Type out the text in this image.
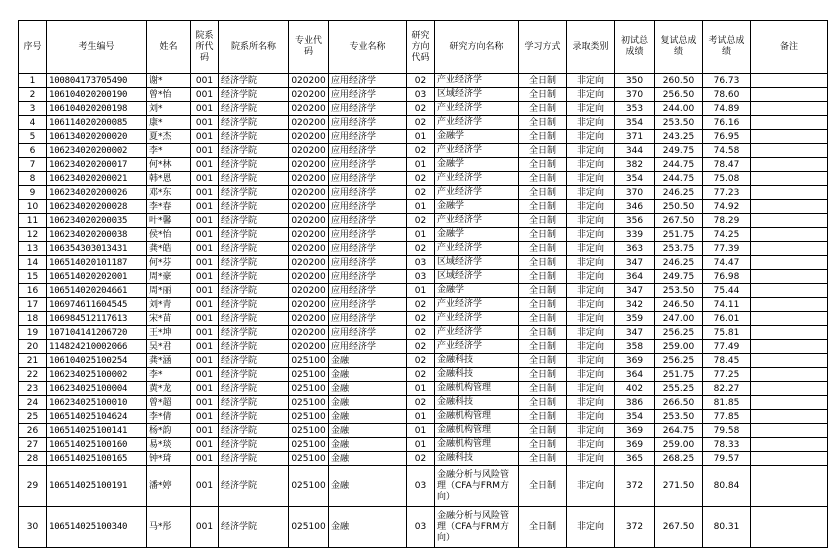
序号	考生编号	姓名	院系所代码	院系所名称	专业代码	专业名称	研究方向代码	研究方向名称	学习方式	录取类别	初试总成绩	复试总成绩	考试总成绩	备注
1	100804173705490	谢*	001	经济学院	020200	应用经济学	02	产业经济学	全日制	非定向	350	260.50	76.73	
2	106104020200190	曾*怡	001	经济学院	020200	应用经济学	03	区域经济学	全日制	非定向	370	256.50	78.60	
3	106104020200198	刘*	001	经济学院	020200	应用经济学	02	产业经济学	全日制	非定向	353	244.00	74.89	
4	106114020200085	康*	001	经济学院	020200	应用经济学	02	产业经济学	全日制	非定向	354	253.50	76.16	
5	106134020200020	夏*杰	001	经济学院	020200	应用经济学	01	金融学	全日制	非定向	371	243.25	76.95	
6	106234020200002	李*	001	经济学院	020200	应用经济学	02	产业经济学	全日制	非定向	344	249.75	74.58	
7	106234020200017	何*林	001	经济学院	020200	应用经济学	01	金融学	全日制	非定向	382	244.75	78.47	
8	106234020200021	韩*恩	001	经济学院	020200	应用经济学	02	产业经济学	全日制	非定向	354	244.75	75.08	
9	106234020200026	邓*东	001	经济学院	020200	应用经济学	02	产业经济学	全日制	非定向	370	246.25	77.23	
10	106234020200028	李*春	001	经济学院	020200	应用经济学	01	金融学	全日制	非定向	346	250.50	74.92	
11	106234020200035	叶*馨	001	经济学院	020200	应用经济学	02	产业经济学	全日制	非定向	356	267.50	78.29	
12	106234020200038	侯*怡	001	经济学院	020200	应用经济学	01	金融学	全日制	非定向	339	251.75	74.25	
13	106354303013431	龚*皓	001	经济学院	020200	应用经济学	02	产业经济学	全日制	非定向	363	253.75	77.39	
14	106514020101187	何*芬	001	经济学院	020200	应用经济学	03	区域经济学	全日制	非定向	347	246.25	74.47	
15	106514020202001	周*豪	001	经济学院	020200	应用经济学	03	区域经济学	全日制	非定向	364	249.75	76.98	
16	106514020204661	周*丽	001	经济学院	020200	应用经济学	01	金融学	全日制	非定向	347	253.50	75.44	
17	106974611604545	刘*青	001	经济学院	020200	应用经济学	02	产业经济学	全日制	非定向	342	246.50	74.11	
18	106984512117613	宋*苗	001	经济学院	020200	应用经济学	02	产业经济学	全日制	非定向	359	247.00	76.01	
19	107104141206720	王*坤	001	经济学院	020200	应用经济学	02	产业经济学	全日制	非定向	347	256.25	75.81	
20	114824210002066	吴*君	001	经济学院	020200	应用经济学	02	产业经济学	全日制	非定向	358	259.00	77.49	
21	106104025100254	龚*涵	001	经济学院	025100	金融	02	金融科技	全日制	非定向	369	256.25	78.45	
22	106234025100002	李*	001	经济学院	025100	金融	02	金融科技	全日制	非定向	364	251.75	77.25	
23	106234025100004	黄*龙	001	经济学院	025100	金融	01	金融机构管理	全日制	非定向	402	255.25	82.27	
24	106234025100010	曾*超	001	经济学院	025100	金融	02	金融科技	全日制	非定向	386	266.50	81.85	
25	106514025104624	李*倩	001	经济学院	025100	金融	01	金融机构管理	全日制	非定向	354	253.50	77.85	
26	106514025100141	杨*韵	001	经济学院	025100	金融	01	金融机构管理	全日制	非定向	369	264.75	79.58	
27	106514025100160	易*琰	001	经济学院	025100	金融	01	金融机构管理	全日制	非定向	369	259.00	78.33	
28	106514025100165	钟*琦	001	经济学院	025100	金融	02	金融科技	全日制	非定向	365	268.25	79.57	
29	106514025100191	潘*婷	001	经济学院	025100	金融	03	金融分析与风险管理（CFA与FRM方向）	全日制	非定向	372	271.50	80.84	
30	106514025100340	马*彤	001	经济学院	025100	金融	03	金融分析与风险管理（CFA与FRM方向）	全日制	非定向	372	267.50	80.31	
